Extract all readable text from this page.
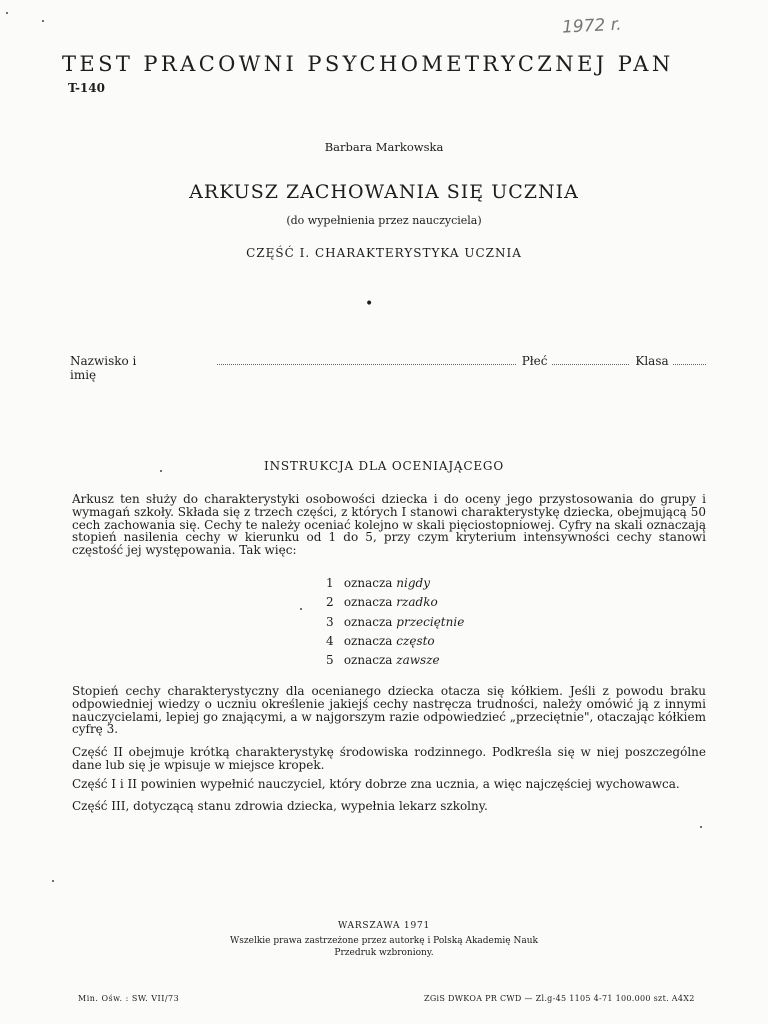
1972 r.
TEST PRACOWNI PSYCHOMETRYCZNEJ PAN
T-140
Barbara Markowska
ARKUSZ ZACHOWANIA SIĘ UCZNIA
(do wypełnienia przez nauczyciela)
CZĘŚĆ I. CHARAKTERYSTYKA UCZNIA
•
Nazwisko i imię
Płeć	Klasa
INSTRUKCJA DLA OCENIAJĄCEGO
Arkusz ten służy do charakterystyki osobowości dziecka i do oceny jego przystosowania do grupy i wymagań szkoły. Składa się z trzech części, z których I stanowi charakterystykę dziecka, obejmującą 50 cech zachowania się. Cechy te należy oceniać kolejno w skali pięciostopniowej. Cyfry na skali oznaczają stopień nasilenia cechy w kierunku od 1 do 5, przy czym kryterium intensywności cechy stanowi częstość jej występowania. Tak więc:
1 oznacza nigdy
2 oznacza rzadko
3 oznacza przeciętnie
4 oznacza często
5 oznacza zawsze
Stopień cechy charakterystyczny dla ocenianego dziecka otacza się kółkiem. Jeśli z powodu braku odpowiedniej wiedzy o uczniu określenie jakiejś cechy nastręcza trudności, należy omówić ją z innymi nauczycielami, lepiej go znającymi, a w najgorszym razie odpowiedzieć „przeciętnie", otaczając kółkiem cyfrę 3.
Część II obejmuje krótką charakterystykę środowiska rodzinnego. Podkreśla się w niej poszczególne dane lub się je wpisuje w miejsce kropek.
Część I i II powinien wypełnić nauczyciel, który dobrze zna ucznia, a więc najczęściej wychowawca.
Część III, dotyczącą stanu zdrowia dziecka, wypełnia lekarz szkolny.
WARSZAWA 1971
Wszelkie prawa zastrzeżone przez autorkę i Polską Akademię Nauk
Przedruk wzbroniony.
Min. Ośw. : SW. VII/73	ZGiS DWKOA PR CWD — Zl.g-45 1105 4-71 100.000 szt. A4X2
